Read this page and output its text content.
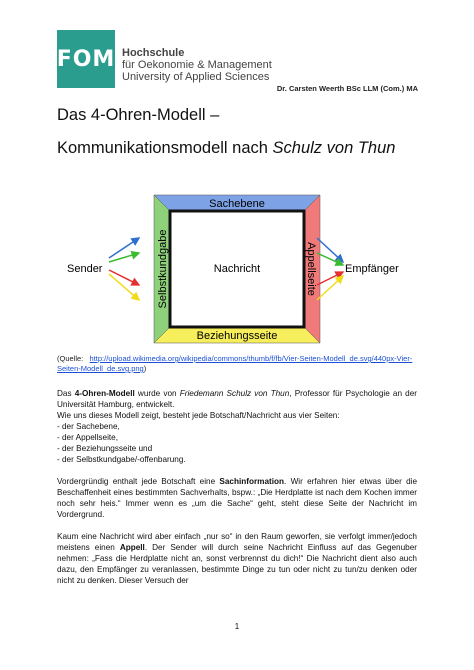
FOM Hochschule
für Oekonomie & Management
University of Applied Sciences
Dr. Carsten Weerth BSc LLM (Com.) MA
Das 4-Ohren-Modell –
Kommunikationsmodell nach Schulz von Thun
Sachebene
Beziehungsseite
Selbstkundgabe	Appellseite
Nachricht
Sender	Empfänger
(Quelle: http://upload.wikimedia.org/wikipedia/commons/thumb/f/fb/Vier-Seiten-Modell_de.svg/440px-Vier-Seiten-Modell_de.svg.png)

Das 4-Ohren-Modell wurde von Friedemann Schulz von Thun, Professor für Psychologie an der Universität Hamburg, entwickelt.

Wie uns dieses Modell zeigt, besteht jede Botschaft/Nachricht aus vier Seiten:
- der Sachebene,
- der Appellseite,
- der Beziehungsseite und
- der Selbstkundgabe/-offenbarung.

Vordergründig enthalt jede Botschaft eine Sachinformation. Wir erfahren hier etwas über die Beschaffenheit eines bestimmten Sachverhalts, bspw.: „Die Herdplatte ist nach dem Kochen immer noch sehr heis.“ Immer wenn es „um die Sache“ geht, steht diese Seite der Nachricht im Vordergrund.

Kaum eine Nachricht wird aber einfach „nur so“ in den Raum geworfen, sie verfolgt immer/jedoch meistens einen Appell. Der Sender will durch seine Nachricht Einfluss auf das Gegenuber nehmen: „Fass die Herdplatte nicht an, sonst verbrennst du dich!“ Die Nachricht dient also auch dazu, den Empfänger zu veranlassen, bestimmte Dinge zu tun oder nicht zu tun/zu denken oder nicht zu denken. Dieser Versuch der

1
